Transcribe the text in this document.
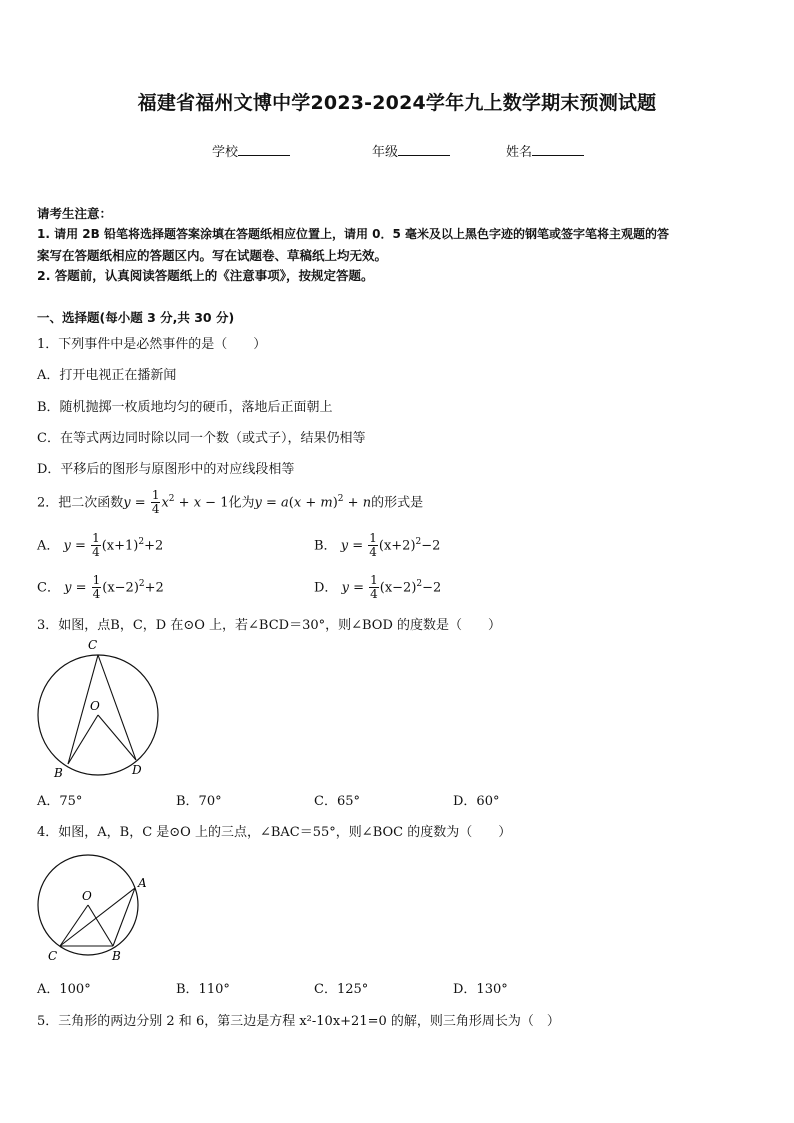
福建省福州文博中学2023-2024学年九上数学期末预测试题
学校	年级	姓名
请考生注意：
1. 请用 2B 铅笔将选择题答案涂填在答题纸相应位置上，请用 0．5 毫米及以上黑色字迹的钢笔或签字笔将主观题的答
案写在答题纸相应的答题区内。写在试题卷、草稿纸上均无效。
2. 答题前，认真阅读答题纸上的《注意事项》，按规定答题。
一、选择题(每小题 3 分,共 30 分)
1．下列事件中是必然事件的是（　　）
A．打开电视正在播新闻
B．随机抛掷一枚质地均匀的硬币，落地后正面朝上
C．在等式两边同时除以同一个数（或式子），结果仍相等
D．平移后的图形与原图形中的对应线段相等
2．把二次函数$y = \frac{1}{4} x^2 + x - 1$化为$y = a(x + m)^2 + n$的形式是
A． $y = \frac{1}{4} (x+1)^2+2$	B． $y = \frac{1}{4} (x+2)^2-2$
C． $y = \frac{1}{4} (x-2)^2+2$	D． $y = \frac{1}{4} (x-2)^2-2$
3．如图，点B，C，D 在⊙O 上，若∠BCD＝30°，则∠BOD 的度数是（　　）
C
O
B	D
A．75°	B．70°	C．65°	D．60°
4．如图，A，B，C 是⊙O 上的三点，∠BAC＝55°，则∠BOC 的度数为（　　）
O
A
C	B
A．100°	B．110°	C．125°	D．130°
5．三角形的两边分别 2 和 6，第三边是方程 x²-10x+21=0 的解，则三角形周长为（　）
